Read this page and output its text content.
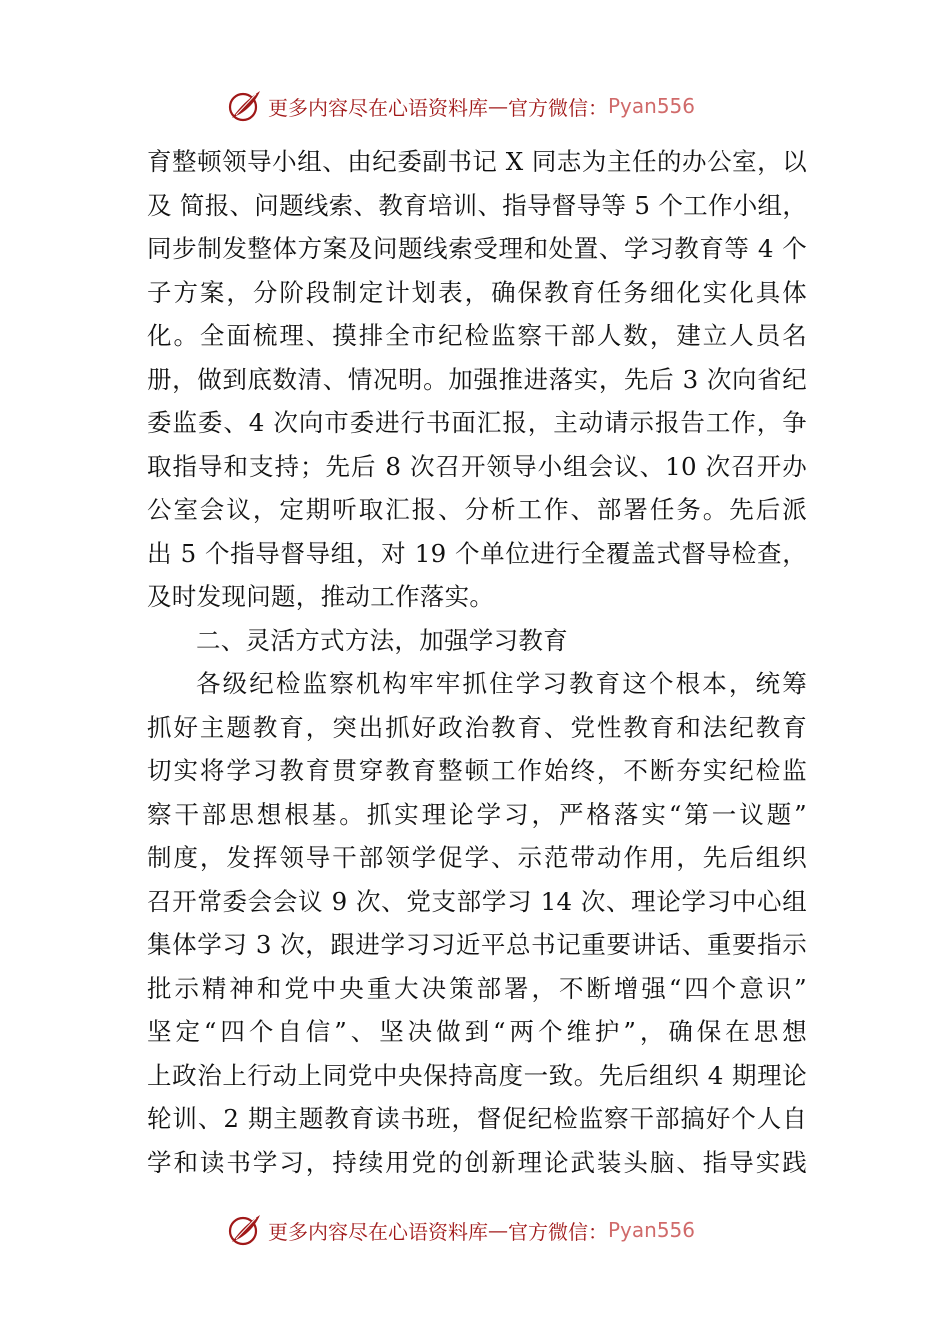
更多内容尽在心语资料库 — 官方微信： Pyan556
育整顿领导小组、由纪委副书记 X 同志为主任的办公室，以
及 简报、问题线索、教育培训、指导督导等 5 个工作小组，
同步制发整体方案及问题线索受理和处置、学习教育等 4 个
子方案，分阶段制定计划表，确保教育任务细化实化具体
化。全面梳理、摸排全市纪检监察干部人数，建立人员名
册，做到底数清、情况明。加强推进落实，先后 3 次向省纪
委监委、4 次向市委进行书面汇报，主动请示报告工作，争
取指导和支持；先后 8 次召开领导小组会议、10 次召开办
公室会议，定期听取汇报、分析工作、部署任务。先后派
出 5 个指导督导组，对 19 个单位进行全覆盖式督导检查，
及时发现问题，推动工作落实。
二、灵活方式方法，加强学习教育
各级纪检监察机构牢牢抓住学习教育这个根本，统筹
抓好主题教育，突出抓好政治教育、党性教育和法纪教育
切实将学习教育贯穿教育整顿工作始终，不断夯实纪检监
察干部思想根基。抓实理论学习，严格落实“第一议题”
制度，发挥领导干部领学促学、示范带动作用，先后组织
召开常委会会议 9 次、党支部学习 14 次、理论学习中心组
集体学习 3 次，跟进学习习近平总书记重要讲话、重要指示
批示精神和党中央重大决策部署，不断增强“四个意识”
坚定“四个自信”、坚决做到“两个维护”，确保在思想
上政治上行动上同党中央保持高度一致。先后组织 4 期理论
轮训、2 期主题教育读书班，督促纪检监察干部搞好个人自
学和读书学习，持续用党的创新理论武装头脑、指导实践
更多内容尽在心语资料库 — 官方微信： Pyan556
